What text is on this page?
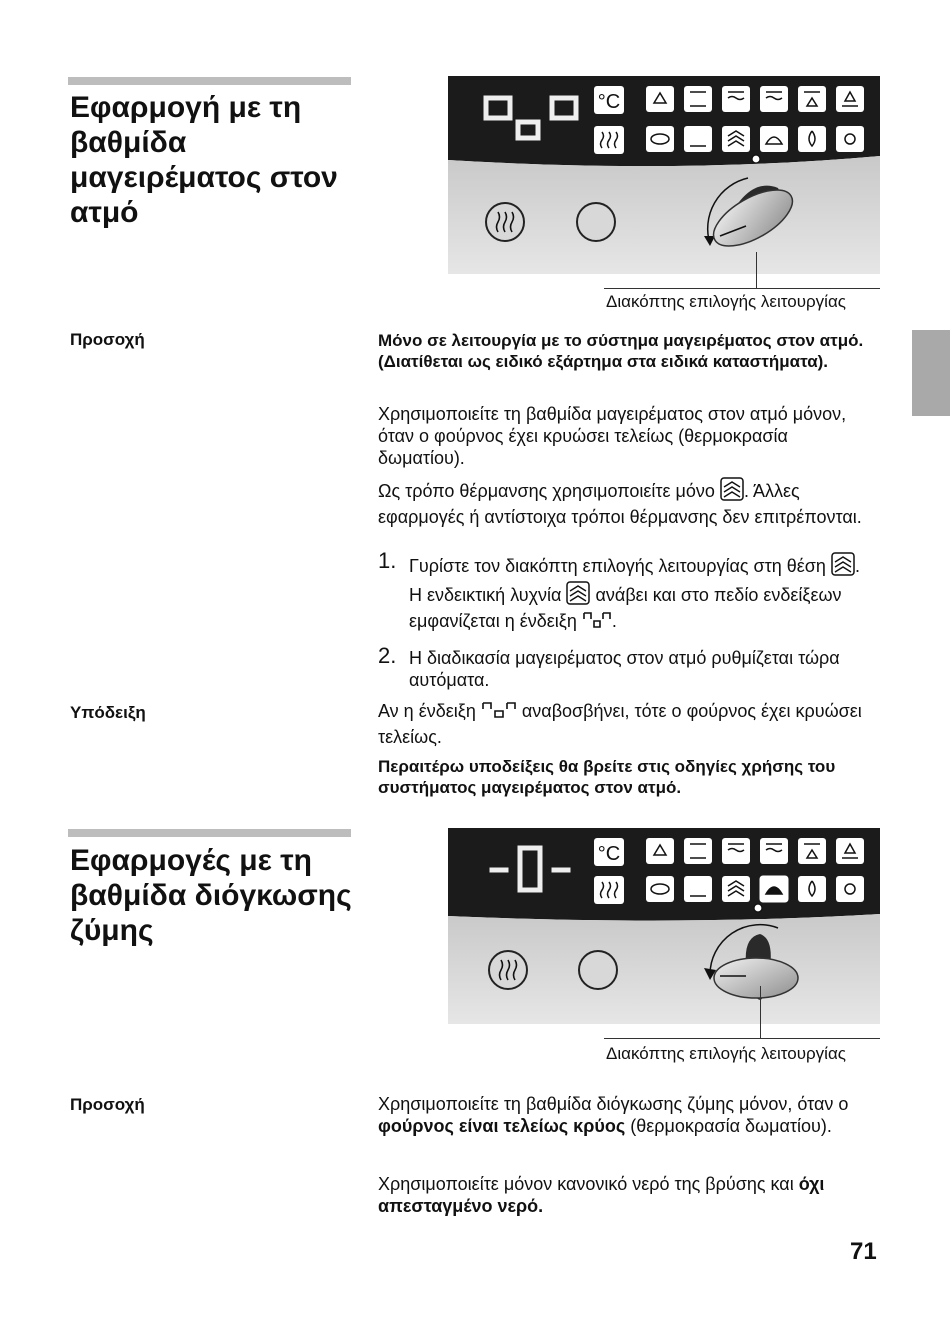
Εφαρμογή με τη
βαθμίδα
μαγειρέματος στον
ατμό
°C
Διακόπτης επιλογής λειτουργίας
Προσοχή	Μόνο σε λειτουργία με το σύστημα μαγειρέματος στον ατμό. (Διατίθεται ως ειδικό εξάρτημα στα ειδικά καταστήματα).
Χρησιμοποιείτε τη βαθμίδα μαγειρέματος στον ατμό μόνον, όταν ο φούρνος έχει κρυώσει τελείως (θερμοκρασία δωματίου).
Ως τρόπο θέρμανσης χρησιμοποιείτε μόνο . Άλλες εφαρμογές ή αντίστοιχα τρόποι θέρμανσης δεν επιτρέπονται.
1. Γυρίστε τον διακόπτη επιλογής λειτουργίας στη θέση .
Η ενδεικτική λυχνία ανάβει και στο πεδίο ενδείξεων εμφανίζεται η ένδειξη .
2. Η διαδικασία μαγειρέματος στον ατμό ρυθμίζεται τώρα αυτόματα.
Υπόδειξη	Αν η ένδειξη	αναβοσβήνει, τότε ο φούρνος έχει κρυώσει τελείως.
Περαιτέρω υποδείξεις θα βρείτε στις οδηγίες χρήσης του συστήματος μαγειρέματος στον ατμό.
Εφαρμογές με τη
βαθμίδα διόγκωσης
ζύμης
°C
Διακόπτης επιλογής λειτουργίας
Προσοχή	Χρησιμοποιείτε τη βαθμίδα διόγκωσης ζύμης μόνον, όταν ο φούρνος είναι τελείως κρύος (θερμοκρασία δωματίου).
Χρησιμοποιείτε μόνον κανονικό νερό της βρύσης και όχι απεσταγμένο νερό.
71
